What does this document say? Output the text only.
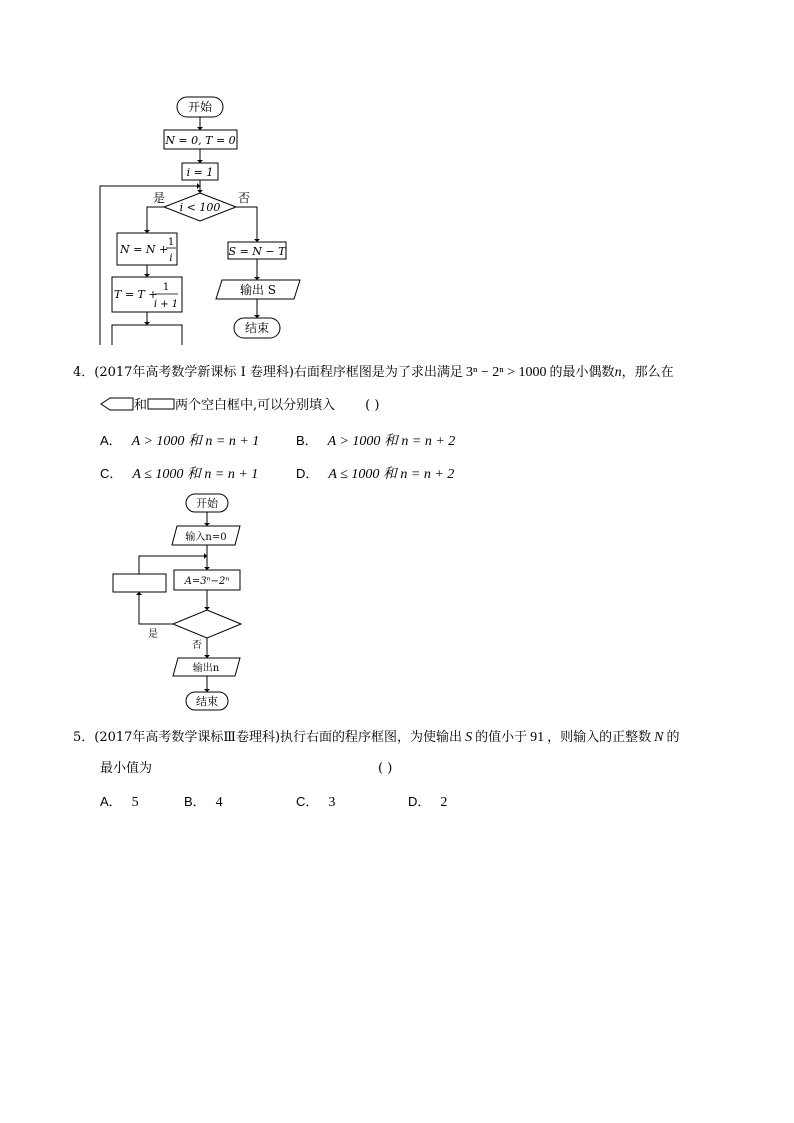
开始
N = 0, T = 0
i = 1
i < 100
是	否
N = N +
1
i
T = T +
1
i + 1
S = N − T
输出 S
结束
4．(2017年高考数学新课标 I 卷理科)右面程序框图是为了求出满足 3ⁿ − 2ⁿ > 1000 的最小偶数n，那么在
和 两个空白框中,可以分别填入 ( )
A． A > 1000 和 n = n + 1	B． A > 1000 和 n = n + 2
C． A ≤ 1000 和 n = n + 1	D． A ≤ 1000 和 n = n + 2
开始
输入n=0
A=3ⁿ−2ⁿ
是
否
输出n
结束
5．(2017年高考数学课标Ⅲ卷理科)执行右面的程序框图，为使输出 S 的值小于 91 ，则输入的正整数 N 的
最小值为	( )
A． 5	B． 4	C． 3	D． 2
